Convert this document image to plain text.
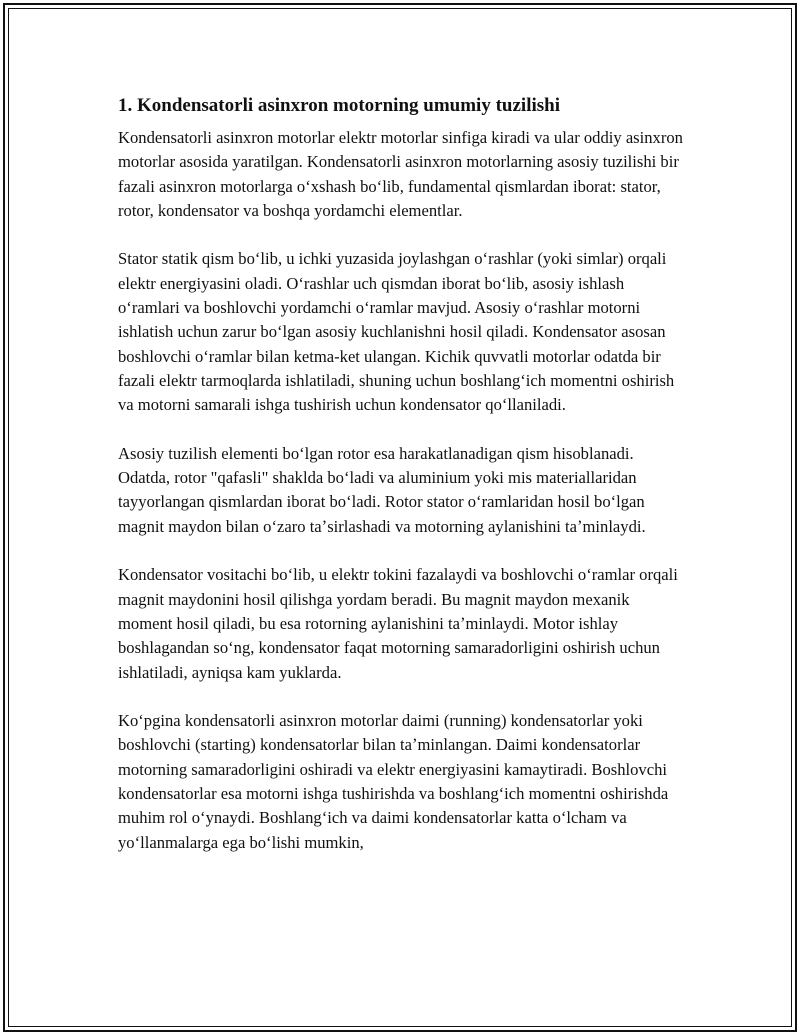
1. Kondensatorli asinxron motorning umumiy tuzilishi
Kondensatorli asinxron motorlar elektr motorlar sinfiga kiradi va ular oddiy asinxron motorlar asosida yaratilgan. Kondensatorli asinxron motorlarning asosiy tuzilishi bir fazali asinxron motorlarga oʻxshash boʻlib, fundamental qismlardan iborat: stator, rotor, kondensator va boshqa yordamchi elementlar.
Stator statik qism boʻlib, u ichki yuzasida joylashgan oʻrashlar (yoki simlar) orqali elektr energiyasini oladi. Oʻrashlar uch qismdan iborat boʻlib, asosiy ishlash oʻramlari va boshlovchi yordamchi oʻramlar mavjud. Asosiy oʻrashlar motorni ishlatish uchun zarur boʻlgan asosiy kuchlanishni hosil qiladi. Kondensator asosan boshlovchi oʻramlar bilan ketma-ket ulangan. Kichik quvvatli motorlar odatda bir fazali elektr tarmoqlarda ishlatiladi, shuning uchun boshlangʻich momentni oshirish va motorni samarali ishga tushirish uchun kondensator qoʻllaniladi.
Asosiy tuzilish elementi boʻlgan rotor esa harakatlanadigan qism hisoblanadi. Odatda, rotor "qafasli" shaklda boʻladi va aluminium yoki mis materiallaridan tayyorlangan qismlardan iborat boʻladi. Rotor stator oʻramlaridan hosil boʻlgan magnit maydon bilan oʻzaro taʼsirlashadi va motorning aylanishini taʼminlaydi.
Kondensator vositachi boʻlib, u elektr tokini fazalaydi va boshlovchi oʻramlar orqali magnit maydonini hosil qilishga yordam beradi. Bu magnit maydon mexanik moment hosil qiladi, bu esa rotorning aylanishini taʼminlaydi. Motor ishlay boshlagandan soʻng, kondensator faqat motorning samaradorligini oshirish uchun ishlatiladi, ayniqsa kam yuklarda.
Koʻpgina kondensatorli asinxron motorlar daimi (running) kondensatorlar yoki boshlovchi (starting) kondensatorlar bilan taʼminlangan. Daimi kondensatorlar motorning samaradorligini oshiradi va elektr energiyasini kamaytiradi. Boshlovchi kondensatorlar esa motorni ishga tushirishda va boshlangʻich momentni oshirishda muhim rol oʻynaydi. Boshlangʻich va daimi kondensatorlar katta oʻlcham va yoʻllanmalarga ega boʻlishi mumkin,
